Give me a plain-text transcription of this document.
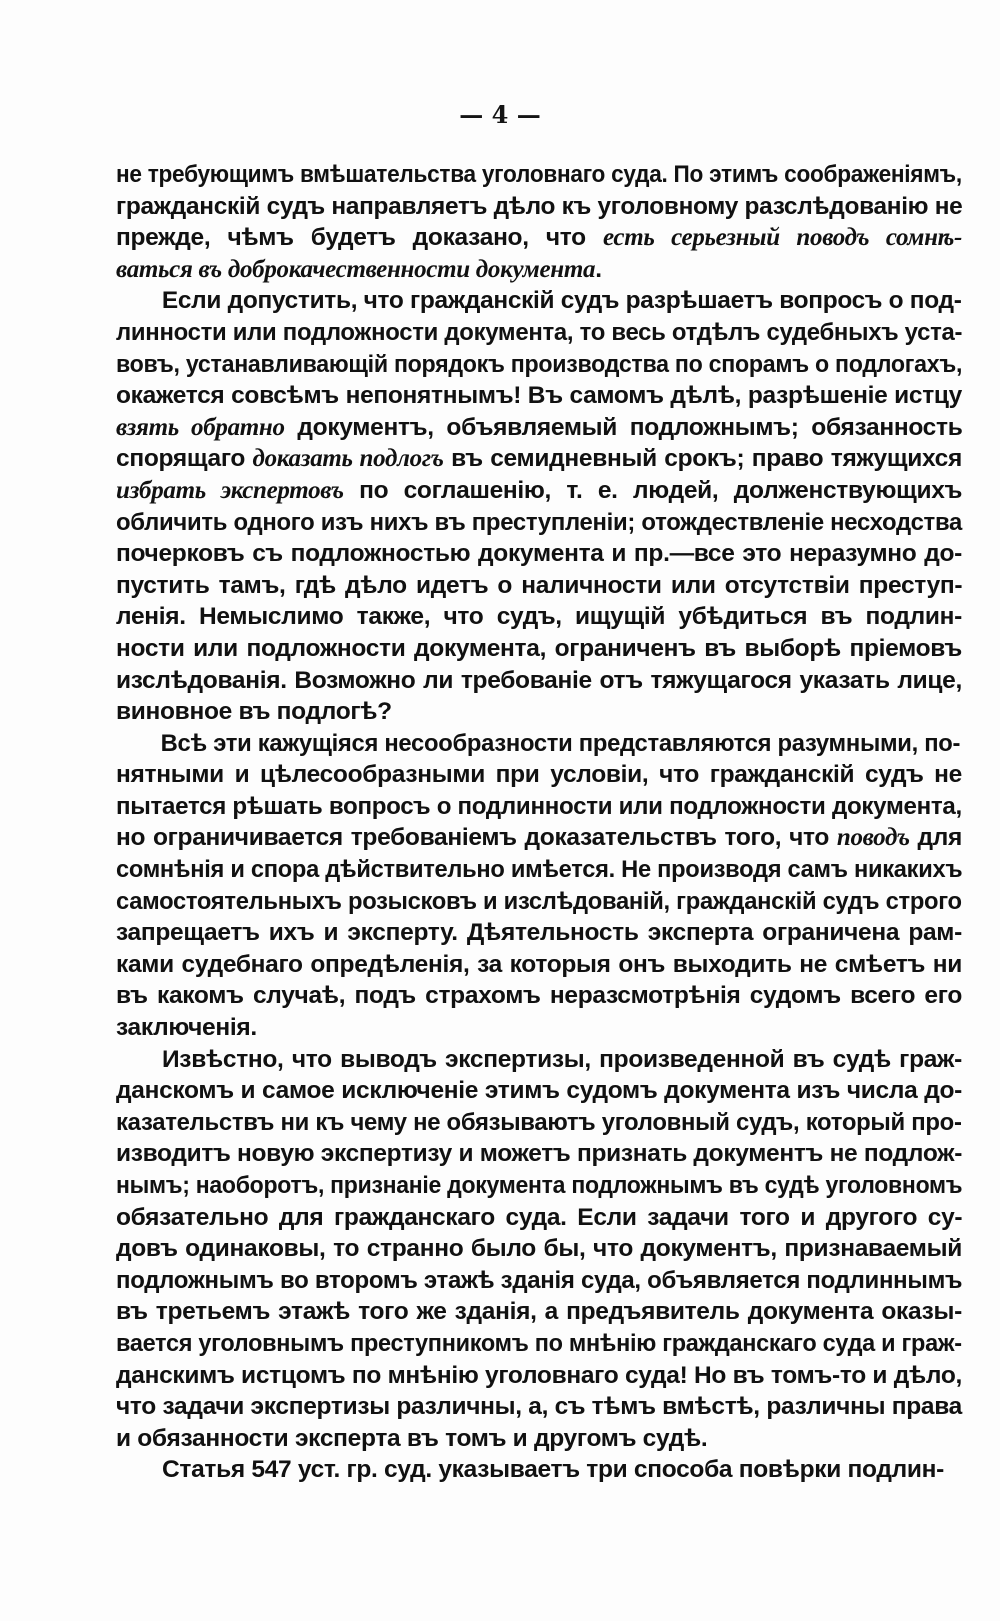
— 4 —
не требующимъ вмѣшательства уголовнаго суда. По этимъ соображеніямъ,
гражданскій судъ направляетъ дѣло къ уголовному разслѣдованію не
прежде, чѣмъ будетъ доказано, что есть серьезный поводъ сомнѣ-
ваться въ доброкачественности документа.
Если допустить, что гражданскій судъ разрѣшаетъ вопросъ о под-
линности или подложности документа, то весь отдѣлъ судебныхъ уста-
вовъ, устанавливающій порядокъ производства по спорамъ о подлогахъ,
окажется совсѣмъ непонятнымъ! Въ самомъ дѣлѣ, разрѣшеніе истцу
взять обратно документъ, объявляемый подложнымъ; обязанность
спорящаго доказать подлогъ въ семидневный срокъ; право тяжущихся
избрать экспертовъ по соглашенію, т. е. людей, долженствующихъ
обличить одного изъ нихъ въ преступленіи; отождествленіе несходства
почерковъ съ подложностью документа и пр.—все это неразумно до-
пустить тамъ, гдѣ дѣло идетъ о наличности или отсутствіи преступ-
ленія. Немыслимо также, что судъ, ищущій убѣдиться въ подлин-
ности или подложности документа, ограниченъ въ выборѣ пріемовъ
изслѣдованія. Возможно ли требованіе отъ тяжущагося указать лице,
виновное въ подлогѣ?
Всѣ эти кажущіяся несообразности представляются разумными, по-
нятными и цѣлесообразными при условіи, что гражданскій судъ не
пытается рѣшать вопросъ о подлинности или подложности документа,
но ограничивается требованіемъ доказательствъ того, что поводъ для
сомнѣнія и спора дѣйствительно имѣется. Не производя самъ никакихъ
самостоятельныхъ розысковъ и изслѣдованій, гражданскій судъ строго
запрещаетъ ихъ и эксперту. Дѣятельность эксперта ограничена рам-
ками судебнаго опредѣленія, за которыя онъ выходить не смѣетъ ни
въ какомъ случаѣ, подъ страхомъ неразсмотрѣнія судомъ всего его
заключенія.
Извѣстно, что выводъ экспертизы, произведенной въ судѣ граж-
данскомъ и самое исключеніе этимъ судомъ документа изъ числа до-
казательствъ ни къ чему не обязываютъ уголовный судъ, который про-
изводитъ новую экспертизу и можетъ признать документъ не подлож-
нымъ; наоборотъ, признаніе документа подложнымъ въ судѣ уголовномъ
обязательно для гражданскаго суда. Если задачи того и другого су-
довъ одинаковы, то странно было бы, что документъ, признаваемый
подложнымъ во второмъ этажѣ зданія суда, объявляется подлиннымъ
въ третьемъ этажѣ того же зданія, а предъявитель документа оказы-
вается уголовнымъ преступникомъ по мнѣнію гражданскаго суда и граж-
данскимъ истцомъ по мнѣнію уголовнаго суда! Но въ томъ-то и дѣло,
что задачи экспертизы различны, а, съ тѣмъ вмѣстѣ, различны права
и обязанности эксперта въ томъ и другомъ судѣ.
Статья 547 уст. гр. суд. указываетъ три способа повѣрки подлин-
